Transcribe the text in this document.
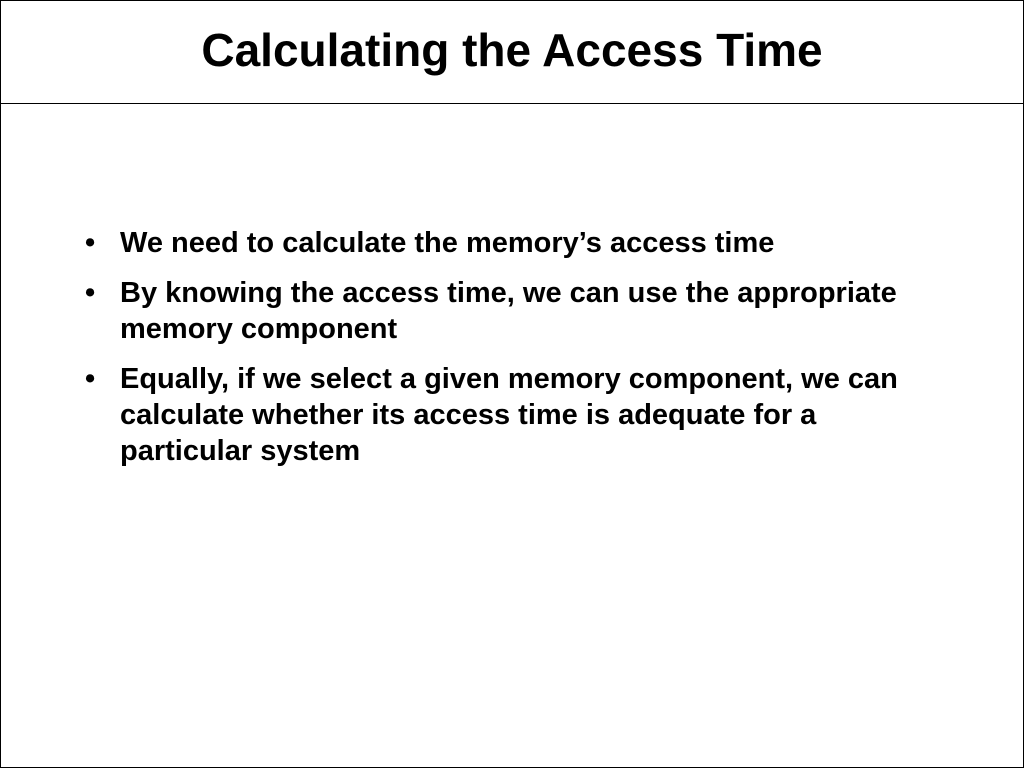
Calculating the Access Time
• We need to calculate the memory’s access time
• By knowing the access time, we can use the appropriate memory component
• Equally, if we select a given memory component, we can calculate whether its access time is adequate for a particular system
